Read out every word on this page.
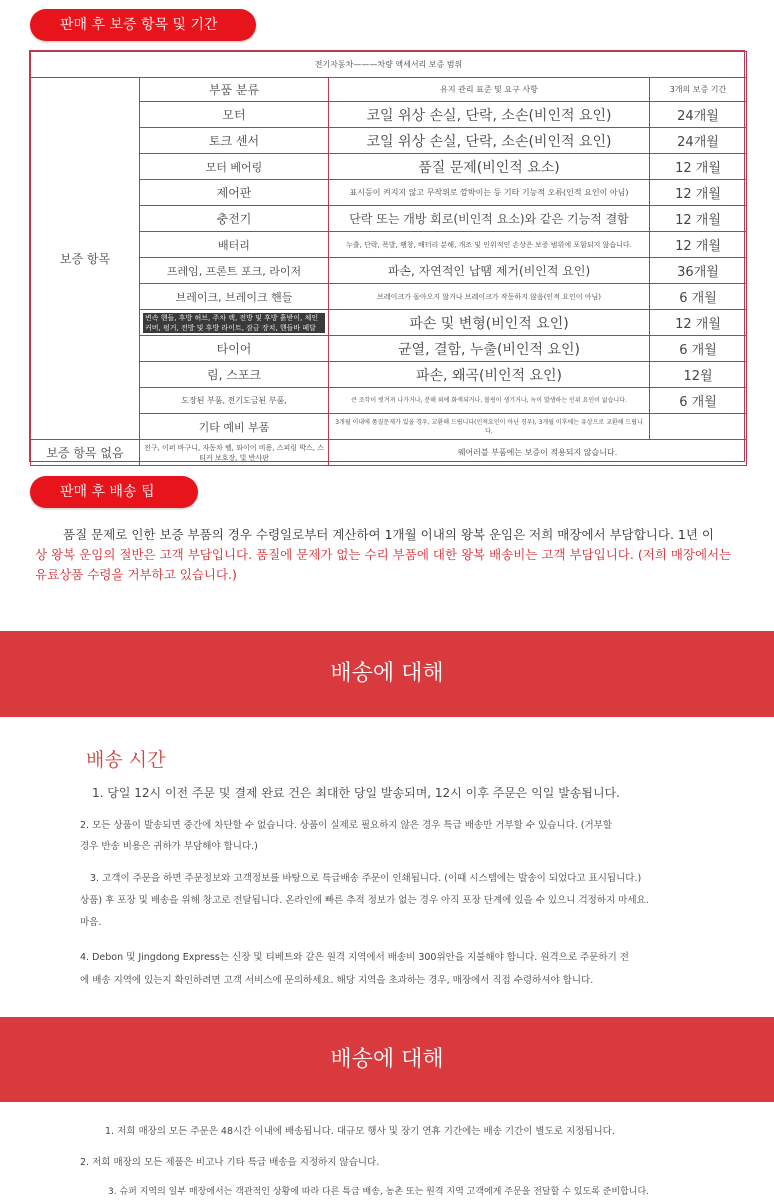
판매 후 보증 항목 및 기간
전기자동차———차량 액세서리 보증 범위			
보증 항목	부품 분류	유지 관리 표준 및 요구 사항	3개의 보증 기간
	모터	코일 위상 손실, 단락, 소손(비인적 요인)	24개월
	토크 센서	코일 위상 손실, 단락, 소손(비인적 요인)	24개월
	모터 베어링	품질 문제(비인적 요소)	12 개월
	제어판	표시등이 켜지지 않고 무작위로 깜박이는 등 기타 기능적 오류(인적 요인이 아님)	12 개월
	충전기	단락 또는 개방 회로(비인적 요소)와 같은 기능적 결함	12 개월
	배터리	누출, 단락, 폭발, 팽창, 배터리 분해, 개조 및 인위적인 손상은 보증 범위에 포함되지 않습니다.	12 개월
	프레임, 프론트 포크, 라이저	파손, 자연적인 납땜 제거(비인적 요인)	36개월
	브레이크, 브레이크 핸들	브레이크가 돌아오지 않거나 브레이크가 작동하지 않음(인적 요인이 아님)	6 개월
	변속 핸들, 후방 허브, 주차 랙, 전방 및 후방 흙받이, 체인 커버, 펑거, 전방 및 후방 라이트, 잠금 장치, 핸들바 페달	파손 및 변형(비인적 요인)	12 개월
	타이어	균열, 결함, 누출(비인적 요인)	6 개월
	림, 스포크	파손, 왜곡(비인적 요인)	12월
	도장된 부품, 전기도금된 부품,	큰 조각이 벗겨져 나가거나, 분해 외에 화색되거나, 볼링이 생기거나, 녹이 발생하는 인위 요인이 없습니다.	6 개월
	기타 예비 부품	3개월 이내에 품질문제가 있을 경우, 교환해 드립니다(인적요인이 아닌 경우), 3개월 이후에는 유상으로 교환해 드립니다.	
보증 항목 없음	전구, 이퍼 바구니, 자동차 벨, 와이어 비용, 스피링 박스, 스티커 보호장, 빛 반사판	웨어러블 부품에는 보증이 적용되지 않습니다.	
판매 후 배송 팁
품질 문제로 인한 보증 부품의 경우 수령일로부터 계산하여 1개월 이내의 왕복 운임은 저희 매장에서 부담합니다. 1년 이
상 왕복 운임의 절반은 고객 부담입니다. 품질에 문제가 없는 수리 부품에 대한 왕복 배송비는 고객 부담입니다. (저희 매장에서는
유료상품 수령을 거부하고 있습니다.)
배송에 대해
배송 시간
1. 당일 12시 이전 주문 및 결제 완료 건은 최대한 당일 발송되며, 12시 이후 주문은 익일 발송됩니다.
2. 모든 상품이 발송되면 중간에 차단할 수 없습니다. 상품이 실제로 필요하지 않은 경우 특급 배송만 거부할 수 있습니다. (거부할
경우 반송 비용은 귀하가 부담해야 합니다.)
3. 고객이 주문을 하면 주문정보와 고객정보를 바탕으로 특급배송 주문이 인쇄됩니다. (이때 시스템에는 발송이 되었다고 표시됩니다.)
상품) 후 포장 및 배송을 위해 창고로 전달됩니다. 온라인에 빠른 추적 정보가 없는 경우 아직 포장 단계에 있을 수 있으니 걱정하지 마세요.
마음.
4. Debon 및 Jingdong Express는 신장 및 티베트와 같은 원격 지역에서 배송비 300위안을 지불해야 합니다. 원격으로 주문하기 전
에 배송 지역에 있는지 확인하려면 고객 서비스에 문의하세요. 해당 지역을 초과하는 경우, 매장에서 직접 수령하셔야 합니다.
배송에 대해
1. 저희 매장의 모든 주문은 48시간 이내에 배송됩니다. 대규모 행사 및 장기 연휴 기간에는 배송 기간이 별도로 지정됩니다.
2. 저희 매장의 모든 제품은 비고나 기타 특급 배송을 지정하지 않습니다.
3. 슈퍼 지역의 일부 매장에서는 객관적인 상황에 따라 다른 특급 배송, 농촌 또는 원격 지역 고객에게 주문을 전달할 수 있도록 준비합니다.
